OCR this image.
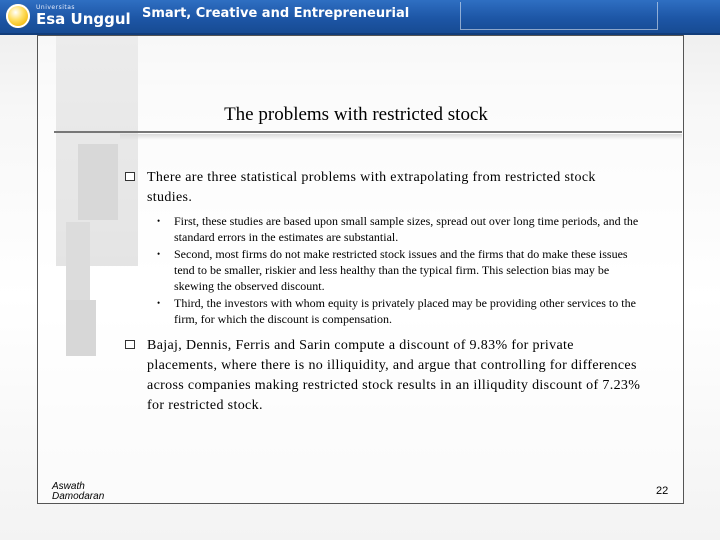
Universitas
Esa Unggul Smart, Creative and Entrepreneurial
The problems with restricted stock
There are three statistical problems with extrapolating from restricted stock studies.
• First, these studies are based upon small sample sizes, spread out over long time periods, and the standard errors in the estimates are substantial.
• Second, most firms do not make restricted stock issues and the firms that do make these issues tend to be smaller, riskier and less healthy than the typical firm. This selection bias may be skewing the observed discount.
• Third, the investors with whom equity is privately placed may be providing other services to the firm, for which the discount is compensation.
Bajaj, Dennis, Ferris and Sarin compute a discount of 9.83% for private placements, where there is no illiquidity, and argue that controlling for differences across companies making restricted stock results in an illiqudity discount of 7.23% for restricted stock.
Aswath
Damodaran	22
